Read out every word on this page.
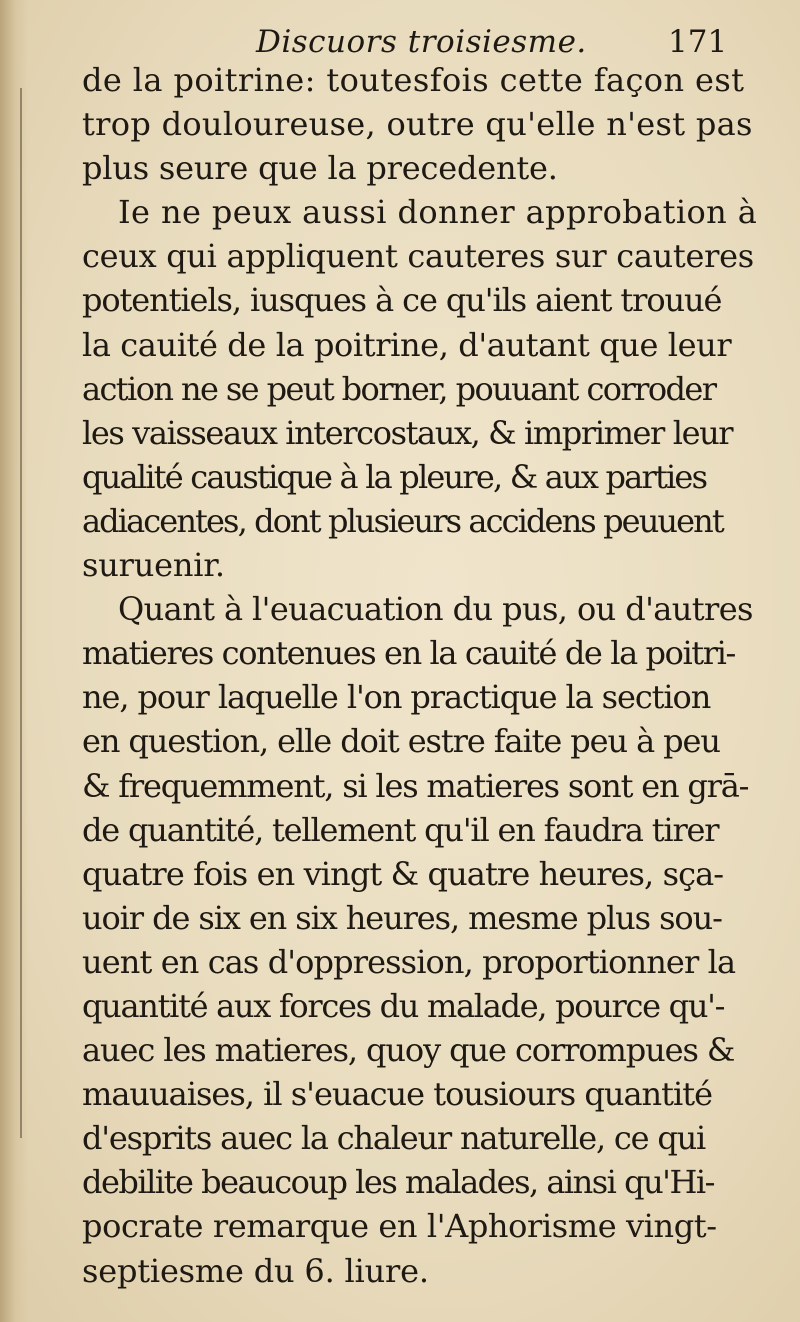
Discuors troisiesme.	171
de la poitrine: toutesfois cette façon est
trop douloureuse, outre qu'elle n'est pas
plus seure que la precedente.
Ie ne peux aussi donner approbation à
ceux qui appliquent cauteres sur cauteres
potentiels, iusques à ce qu'ils aient trouué
la cauité de la poitrine, d'autant que leur
action ne se peut borner, pouuant corroder
les vaisseaux intercostaux, & imprimer leur
qualité caustique à la pleure, & aux parties
adiacentes, dont plusieurs accidens peuuent
suruenir.
Quant à l'euacuation du pus, ou d'autres
matieres contenues en la cauité de la poitri-
ne, pour laquelle l'on practique la section
en question, elle doit estre faite peu à peu
& frequemment, si les matieres sont en grā-
de quantité, tellement qu'il en faudra tirer
quatre fois en vingt & quatre heures, sça-
uoir de six en six heures, mesme plus sou-
uent en cas d'oppression, proportionner la
quantité aux forces du malade, pource qu'-
auec les matieres, quoy que corrompues &
mauuaises, il s'euacue tousiours quantité
d'esprits auec la chaleur naturelle, ce qui
debilite beaucoup les malades, ainsi qu'Hi-
pocrate remarque en l'Aphorisme vingt-
septiesme du 6. liure.
